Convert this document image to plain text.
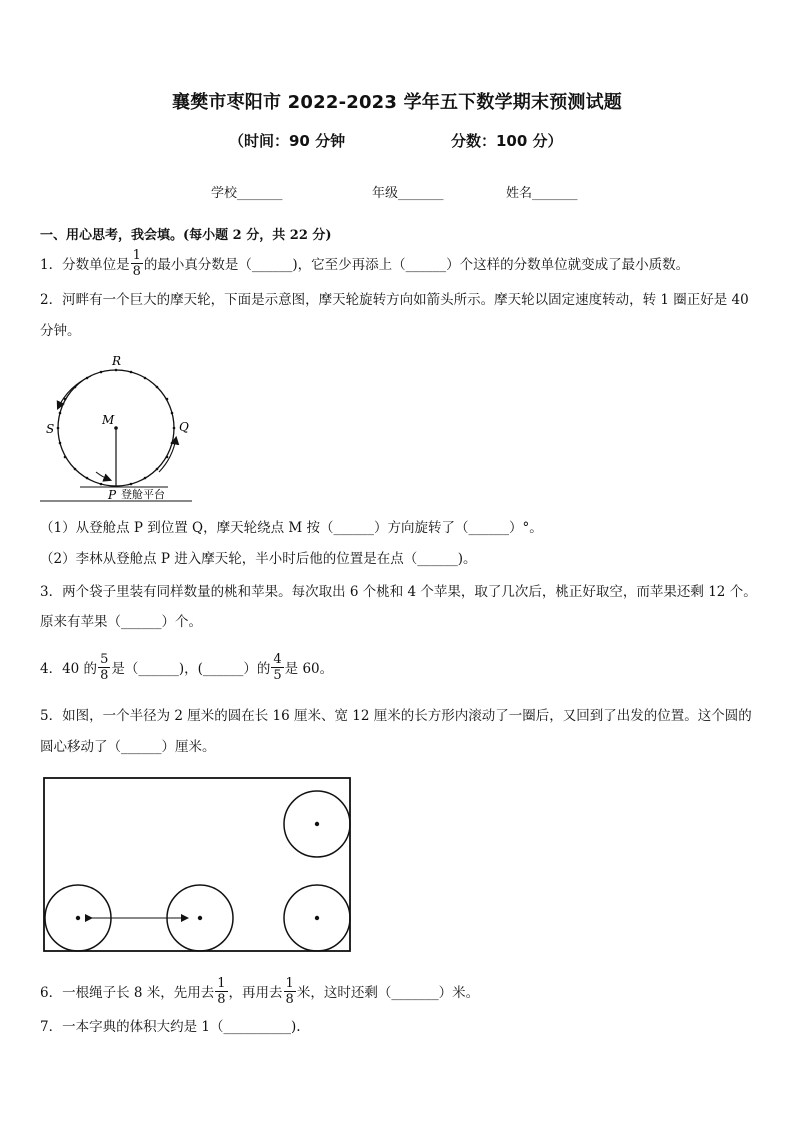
襄樊市枣阳市 2022-2023 学年五下数学期末预测试题
（时间：90 分钟	分数：100 分）
学校_______	年级_______	姓名_______
一、用心思考，我会填。(每小题 2 分，共 22 分)
1．分数单位是 $\frac{1}{8}$ 的最小真分数是（______)，它至少再添上（______）个这样的分数单位就变成了最小质数。
2．河畔有一个巨大的摩天轮，下面是示意图，摩天轮旋转方向如箭头所示。摩天轮以固定速度转动，转 1 圈正好是 40
分钟。
R
S	Q
M
P 登舱平台
（1）从登舱点 P 到位置 Q，摩天轮绕点 M 按（______）方向旋转了（______）°。
（2）李林从登舱点 P 进入摩天轮，半小时后他的位置是在点（______)。
3．两个袋子里装有同样数量的桃和苹果。每次取出 6 个桃和 4 个苹果，取了几次后，桃正好取空，而苹果还剩 12 个。
原来有苹果（______）个。
4．40 的 $\frac{5}{8}$ 是（______)，(______）的 $\frac{4}{5}$ 是 60。
5．如图，一个半径为 2 厘米的圆在长 16 厘米、宽 12 厘米的长方形内滚动了一圈后，又回到了出发的位置。这个圆的
圆心移动了（______）厘米。
6．一根绳子长 8 米，先用去 $\frac{1}{8}$ ，再用去 $\frac{1}{8}$ 米，这时还剩（_______）米。
7．一本字典的体积大约是 1（__________).
